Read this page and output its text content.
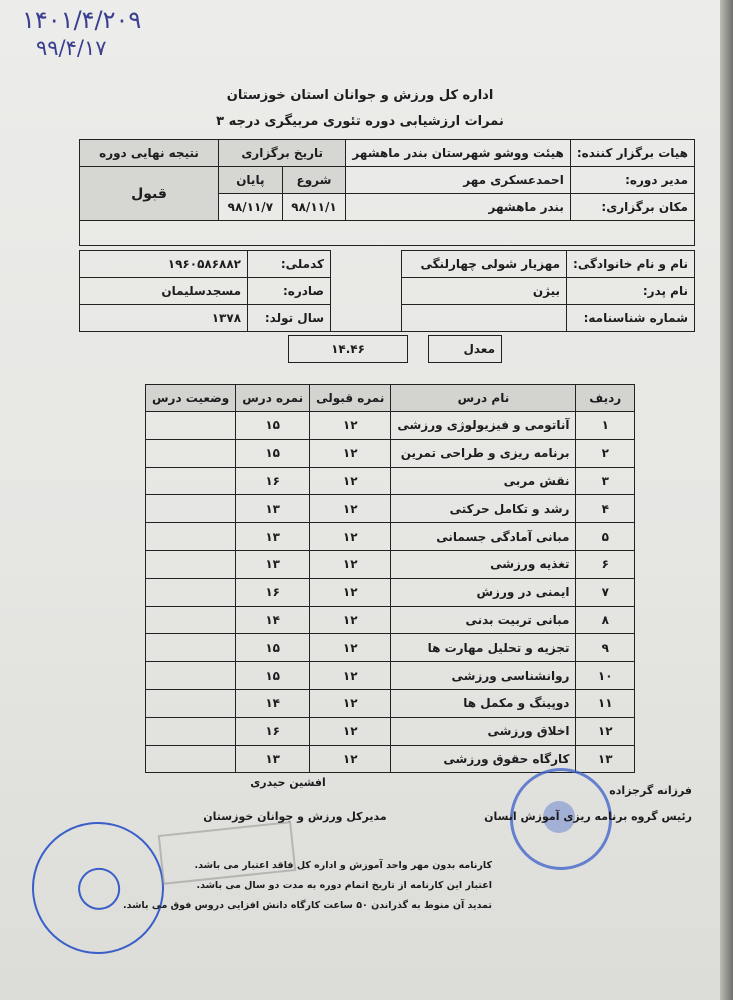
۱۴۰۱/۴/۲۰۹
۹۹/۴/۱۷
اداره کل ورزش و جوانان استان خوزستان
نمرات ارزشیابی دوره تئوری مربیگری درجه ۳
هیات برگزار کننده:	هیئت ووشو شهرستان بندر ماهشهر	تاریخ برگزاری		نتیجه نهایی دوره
مدیر دوره:	احمدعسکری مهر	شروع	پایان	قبول
مکان برگزاری:	بندر ماهشهر	۹۸/۱۱/۱	۹۸/۱۱/۷	

نام و نام خانوادگی:	مهزیار شولی چهارلنگی		کدملی:	۱۹۶۰۵۸۶۸۸۲
نام پدر:	بیژن		صادره:	مسجدسلیمان
شماره شناسنامه:			سال تولد:	۱۳۷۸
معدل		۱۴.۴۶
ردیف	نام درس	نمره قبولی	نمره درس	وضعیت درس
۱	آناتومی و فیزیولوژی ورزشی	۱۲	۱۵	
۲	برنامه ریزی و طراحی تمرین	۱۲	۱۵	
۳	نقش مربی	۱۲	۱۶	
۴	رشد و تکامل حرکتی	۱۲	۱۳	
۵	مبانی آمادگی جسمانی	۱۲	۱۳	
۶	تغذیه ورزشی	۱۲	۱۳	
۷	ایمنی در ورزش	۱۲	۱۶	
۸	مبانی تربیت بدنی	۱۲	۱۴	
۹	تجزیه و تحلیل مهارت ها	۱۲	۱۵	
۱۰	روانشناسی ورزشی	۱۲	۱۵	
۱۱	دوپینگ و مکمل ها	۱۲	۱۴	
۱۲	اخلاق ورزشی	۱۲	۱۶	
۱۳	کارگاه حقوق ورزشی	۱۲	۱۳	
افشین حیدری
مدیرکل ورزش و جوانان خوزستان
فرزانه گرجزاده
رئیس گروه برنامه ریزی آموزش انسان
کارنامه بدون مهر واحد آموزش و اداره کل فاقد اعتبار می باشد.
اعتبار این کارنامه از تاریخ اتمام دوره به مدت دو سال می باشد.
تمدید آن منوط به گذراندن ۵۰ ساعت کارگاه دانش افزایی دروس فوق می باشد.
